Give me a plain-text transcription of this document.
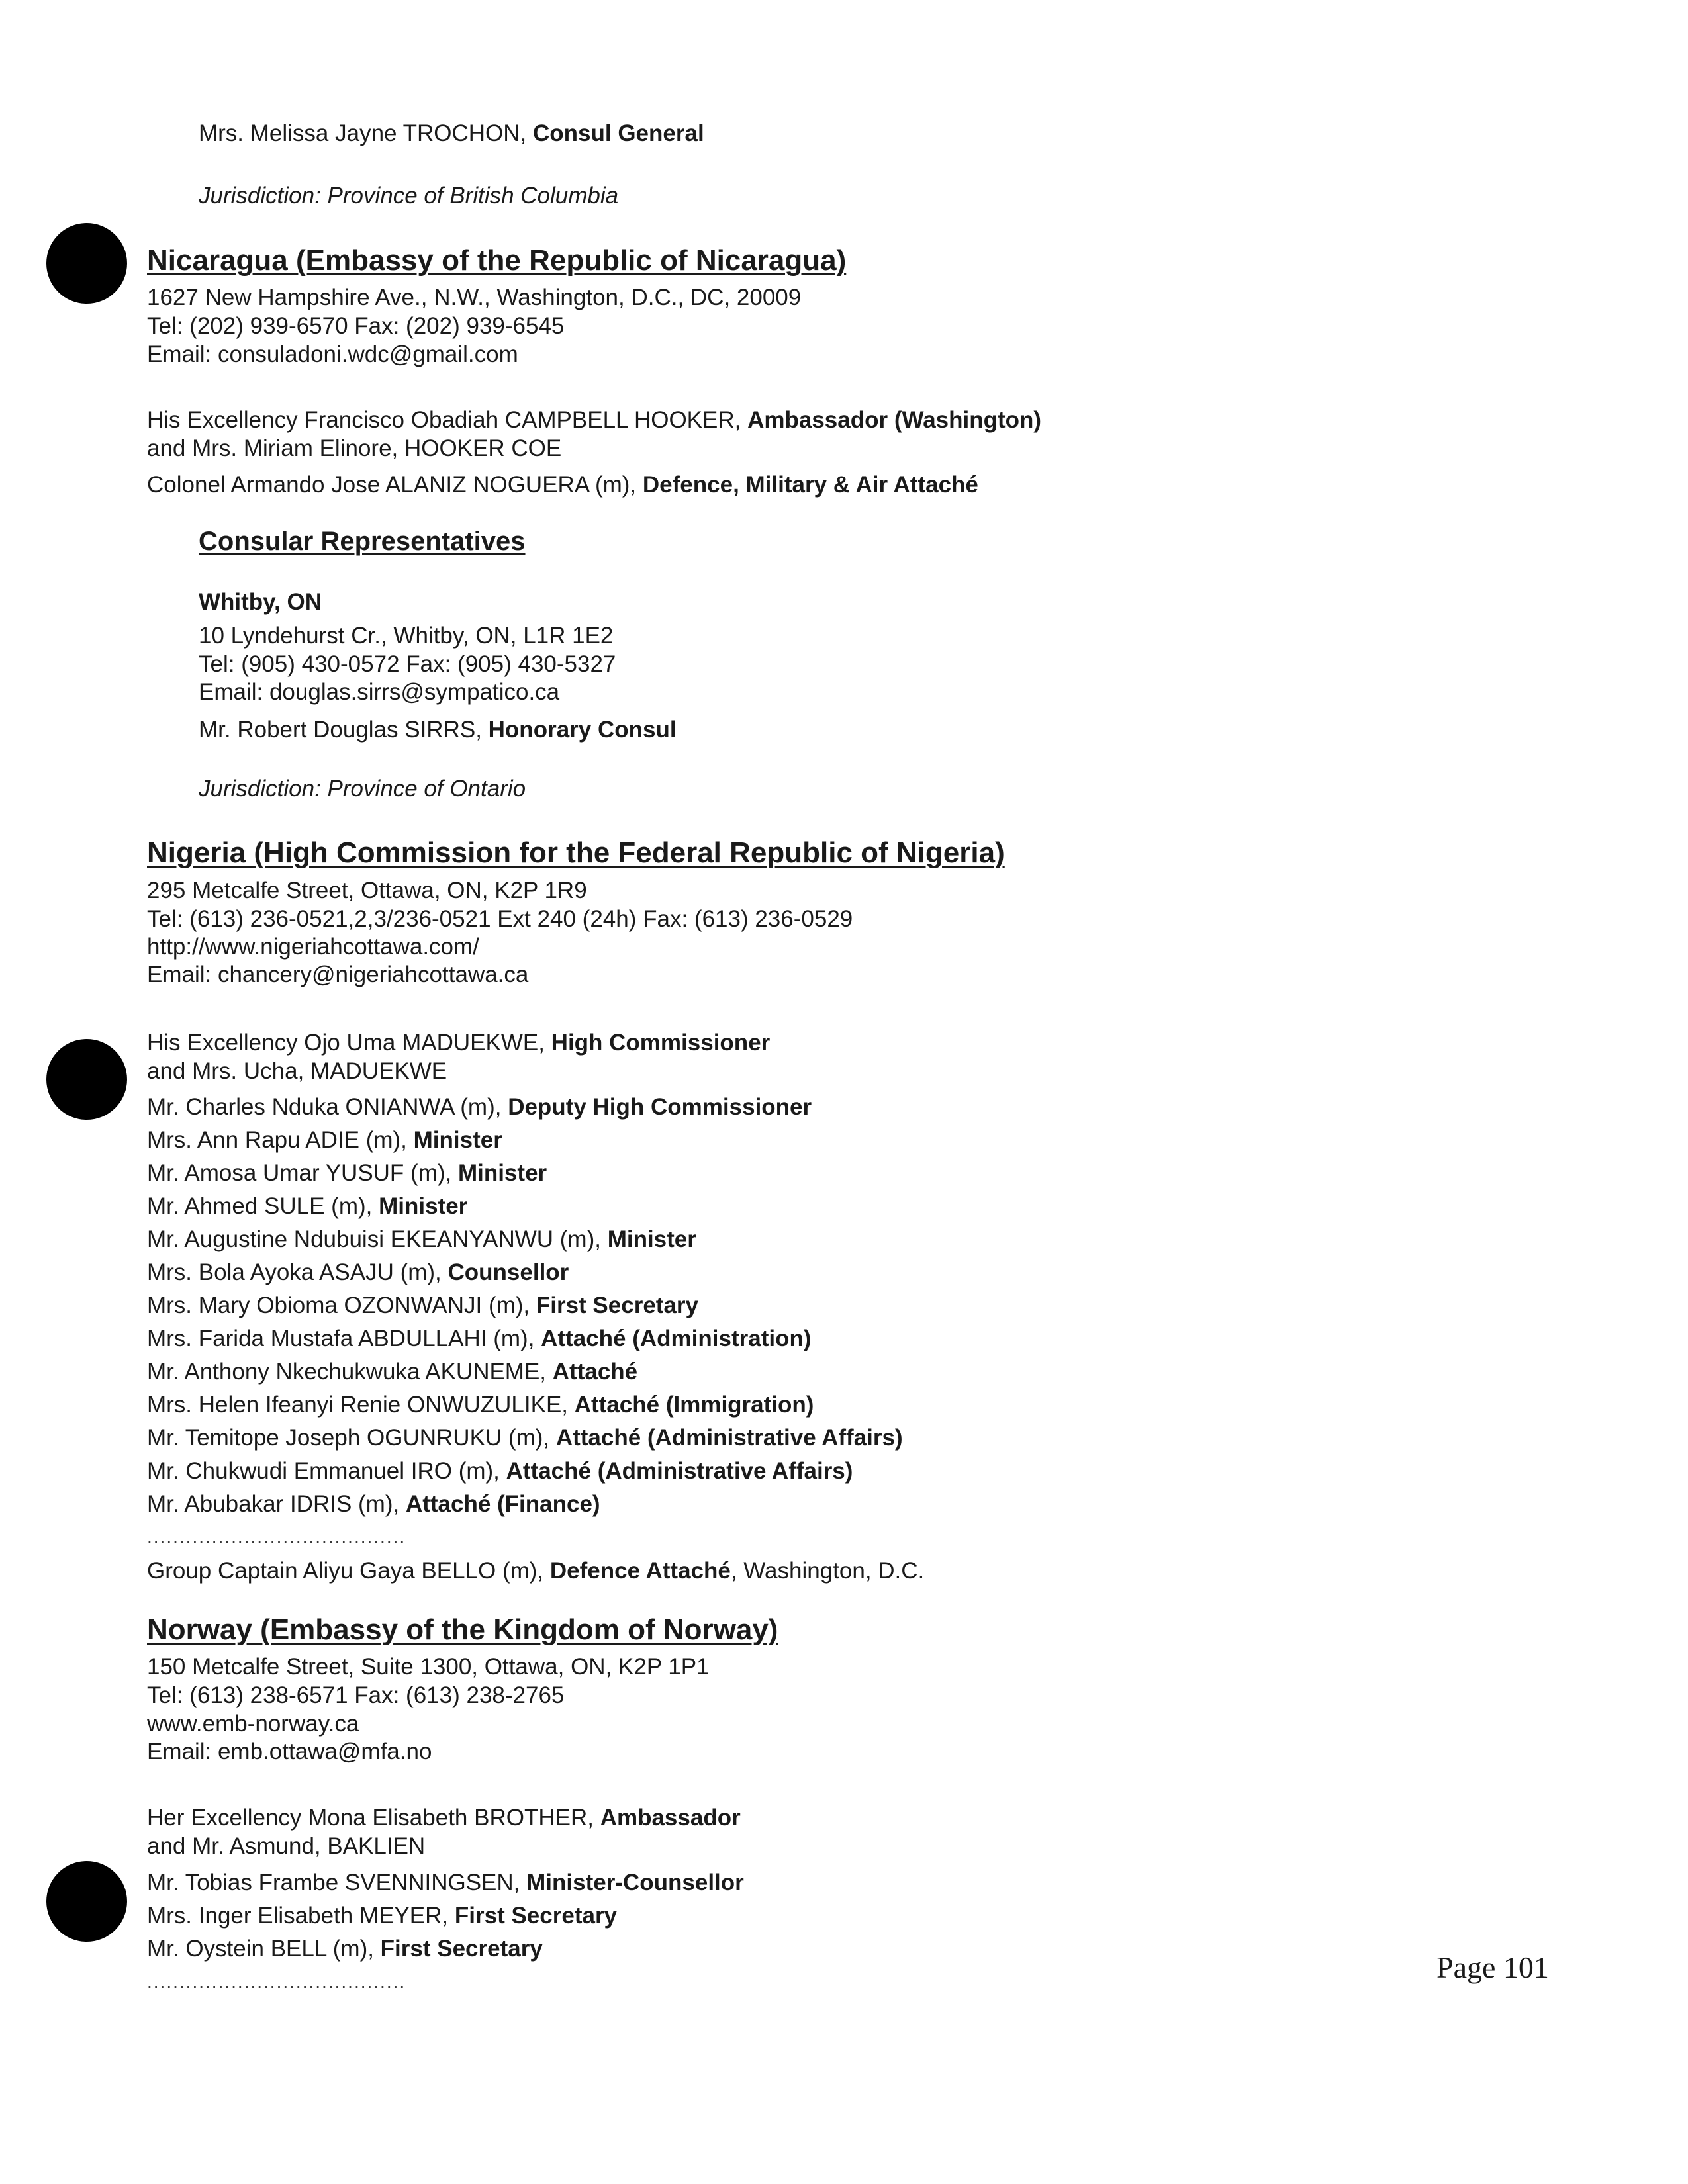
Mrs. Melissa Jayne TROCHON, Consul General
Jurisdiction: Province of British Columbia
Nicaragua (Embassy of the Republic of Nicaragua)
1627 New Hampshire Ave., N.W., Washington, D.C., DC, 20009
Tel: (202) 939-6570 Fax: (202) 939-6545
Email: consuladoni.wdc@gmail.com
His Excellency Francisco Obadiah CAMPBELL HOOKER, Ambassador (Washington)
and Mrs. Miriam Elinore, HOOKER COE
Colonel Armando Jose ALANIZ NOGUERA (m), Defence, Military & Air Attaché
Consular Representatives
Whitby, ON
10 Lyndehurst Cr., Whitby, ON, L1R 1E2
Tel: (905) 430-0572 Fax: (905) 430-5327
Email: douglas.sirrs@sympatico.ca
Mr. Robert Douglas SIRRS, Honorary Consul
Jurisdiction: Province of Ontario
Nigeria (High Commission for the Federal Republic of Nigeria)
295 Metcalfe Street, Ottawa, ON, K2P 1R9
Tel: (613) 236-0521,2,3/236-0521 Ext 240 (24h) Fax: (613) 236-0529
http://www.nigeriahcottawa.com/
Email: chancery@nigeriahcottawa.ca
His Excellency Ojo Uma MADUEKWE, High Commissioner
and Mrs. Ucha, MADUEKWE
Mr. Charles Nduka ONIANWA (m), Deputy High Commissioner
Mrs. Ann Rapu ADIE (m), Minister
Mr. Amosa Umar YUSUF (m), Minister
Mr. Ahmed SULE (m), Minister
Mr. Augustine Ndubuisi EKEANYANWU (m), Minister
Mrs. Bola Ayoka ASAJU (m), Counsellor
Mrs. Mary Obioma OZONWANJI (m), First Secretary
Mrs. Farida Mustafa ABDULLAHI (m), Attaché (Administration)
Mr. Anthony Nkechukwuka AKUNEME, Attaché
Mrs. Helen Ifeanyi Renie ONWUZULIKE, Attaché (Immigration)
Mr. Temitope Joseph OGUNRUKU (m), Attaché (Administrative Affairs)
Mr. Chukwudi Emmanuel IRO (m), Attaché (Administrative Affairs)
Mr. Abubakar IDRIS (m), Attaché (Finance)
........................................
Group Captain Aliyu Gaya BELLO (m), Defence Attaché, Washington, D.C.
Norway (Embassy of the Kingdom of Norway)
150 Metcalfe Street, Suite 1300, Ottawa, ON, K2P 1P1
Tel: (613) 238-6571 Fax: (613) 238-2765
www.emb-norway.ca
Email: emb.ottawa@mfa.no
Her Excellency Mona Elisabeth BROTHER, Ambassador
and Mr. Asmund, BAKLIEN
Mr. Tobias Frambe SVENNINGSEN, Minister-Counsellor
Mrs. Inger Elisabeth MEYER, First Secretary
Mr. Oystein BELL (m), First Secretary
........................................	Page 101
